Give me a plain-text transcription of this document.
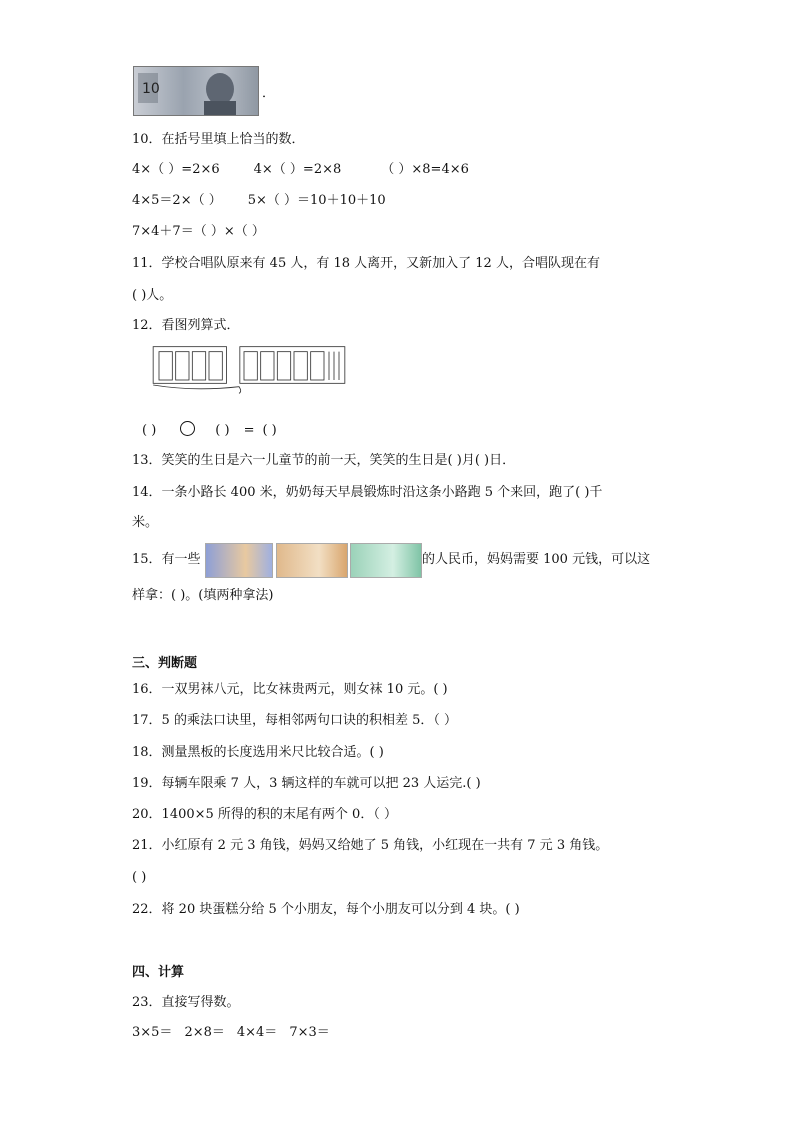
10	．
10．在括号里填上恰当的数．
4×（ ）=2×6	4×（ ）=2×8	（ ）×8=4×6
4×5＝2×（ ） 5×（ ）＝10＋10＋10
7×4＋7＝（ ）×（ ）
11．学校合唱队原来有 45 人，有 18 人离开，又新加入了 12 人，合唱队现在有
( )人。
12．看图列算式．
( )	( ) = ( )
13．笑笑的生日是六一儿童节的前一天，笑笑的生日是( )月( )日．
14．一条小路长 400 米，奶奶每天早晨锻炼时沿这条小路跑 5 个来回，跑了( )千
米。
15．有一些	的人民币，妈妈需要 100 元钱，可以这
样拿：( )。(填两种拿法)
三、判断题
16．一双男袜八元，比女袜贵两元，则女袜 10 元。( )
17．5 的乘法口诀里，每相邻两句口诀的积相差 5．（ ）
18．测量黑板的长度选用米尺比较合适。( )
19．每辆车限乘 7 人，3 辆这样的车就可以把 23 人运完.( )
20．1400×5 所得的积的末尾有两个 0．（ ）
21．小红原有 2 元 3 角钱，妈妈又给她了 5 角钱，小红现在一共有 7 元 3 角钱。
( )
22．将 20 块蛋糕分给 5 个小朋友，每个小朋友可以分到 4 块。( )
四、计算
23．直接写得数。
3×5＝ 2×8＝ 4×4＝ 7×3＝
